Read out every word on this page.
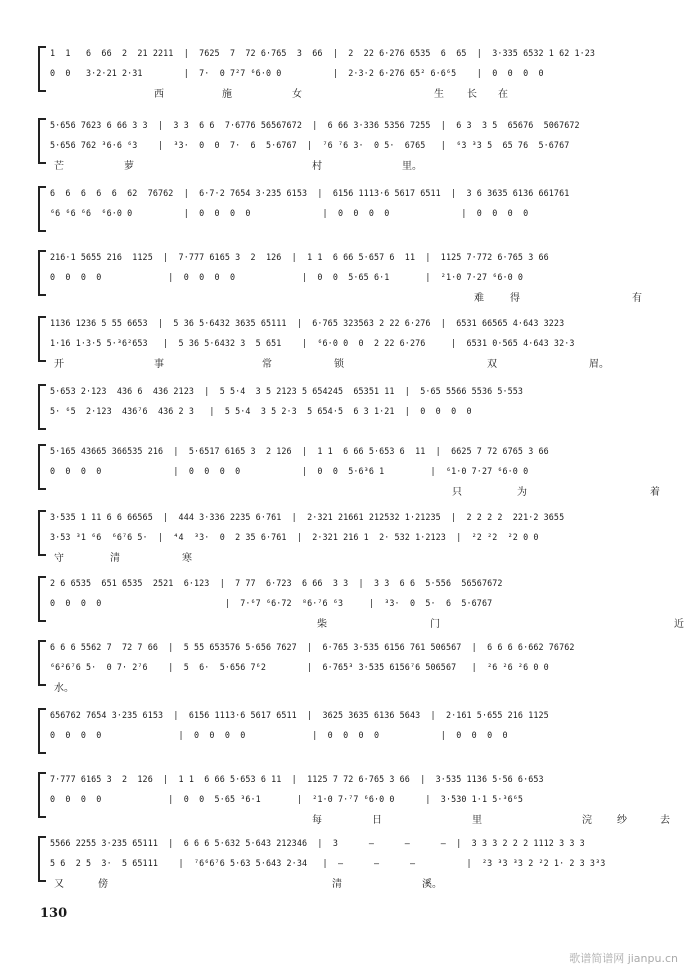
1  1   6  66  2  21 2211  |  7625  7  72 6·765  3  66  |  2  22 6·276 6535  6  65  |  3·335 6532 1 62 1·23
0  0   3·2·21 2·31        |  7·  0 7²7 ⁶6·0 0          |  2·3·2 6·276 65² 6·6⁶5    |  0  0  0  0
西	施	女	生 长 在
5·656 7623 6 66 3 3  |  3 3  6 6  7·6776 56567672  |  6 66 3·336 5356 7255  |  6 3  3 5  65676  5067672
5·656 762 ³6·6 ⁶3    |  ³3·  0  0  7·  6  5·6767  |  ⁷6 ⁷6 3·  0 5·  6765   |  ⁶3 ³3 5  65 76  5·6767
芒	萝	村	里。
6  6  6  6  6  62  76762  |  6·7·2 7654 3·235 6153  |  6156 1113·6 5617 6511  |  3 6 3635 6136 661761
⁶6 ⁶6 ⁶6  ⁶6·0 0          |  0  0  0  0              |  0  0  0  0              |  0  0  0  0
216·1 5655 216  1125  |  7·777 6165 3  2  126  |  1 1  6 66 5·657 6  11  |  1125 7·772 6·765 3 66
0  0  0  0             |  0  0  0  0             |  0  0  5·65 6·1       |  ²1·0 7·27 ⁶6·0 0
难	得	有
1136 1236 5 55 6653  |  5 36 5·6432 3635 65111  |  6·765 323563 2 22 6·276  |  6531 66565 4·643 3223
1·16 1·3·5 5·³6²653   |  5 36 5·6432 3  5 651    |  ⁶6·0 0  0  2 22 6·276     |  6531 0·565 4·643 32·3
开	事	常	锁	双	眉。
5·653 2·123  436 6  436 2123  |  5 5·4  3 5 2123 5 654245  65351 11  |  5·65 5566 5536 5·553
5· ⁶5  2·123  436⁷6  436 2 3   |  5 5·4  3 5 2·3  5 654·5  6 3 1·21  |  0  0  0  0
5·165 43665 366535 216  |  5·6517 6165 3  2 126  |  1 1  6 66 5·653 6  11  |  6625 7 72 6765 3 66
0  0  0  0              |  0  0  0  0            |  0  0  5·6³6 1         |  ⁶1·0 7·27 ⁶6·0 0
只	为	着
3·535 1 11 6 6 66565  |  444 3·336 2235 6·761  |  2·321 21661 212532 1·21235  |  2 2 2 2  221·2 3655
3·53 ³1 ⁶6  ⁶6⁷6 5·  |  ⁴4  ³3·  0  2 35 6·761  |  2·321 216 1  2· 532 1·2123  |  ²2 ²2  ²2 0 0
守	清	寒
2 6 6535  651 6535  2521  6·123  |  7 77  6·723  6 66  3 3  |  3 3  6 6  5·556  56567672
0  0  0  0                        |  7·⁶7 ⁶6·72  ⁸6·⁷6 ⁶3     |  ³3·  0  5·  6  5·6767
柴	门	近
6 6 6 5562 7  72 7 66  |  5 55 653576 5·656 7627  |  6·765 3·535 6156 761 506567  |  6 6 6 6·662 76762
⁶6²6⁷6 5·  0 7· 2⁷6    |  5  6·  5·656 7⁶2        |  6·765³ 3·535 6156⁷6 506567   |  ²6 ²6 ²6 0 0
水。
656762 7654 3·235 6153  |  6156 1113·6 5617 6511  |  3625 3635 6136 5643  |  2·161 5·655 216 1125
0  0  0  0               |  0  0  0  0             |  0  0  0  0            |  0  0  0  0
7·777 6165 3  2  126  |  1 1  6 66 5·653 6 11  |  1125 7 72 6·765 3 66  |  3·535 1136 5·56 6·653
0  0  0  0             |  0  0  5·65 ³6·1       |  ²1·0 7·⁷7 ⁶6·0 0      |  3·530 1·1 5·³6⁶5
每	日	里	浣	纱	去
5566 2255 3·235 65111  |  6 6 6 5·632 5·643 212346  |  3      —      —      —  |  3 3 3 2 2 2 1112 3 3 3
5 6  2 5  3·  5 65111    |  ⁷6⁶6⁷6 5·63 5·643 2·34   |  —      —      —          |  ²3 ³3 ³3 2 ²2 1· 2 3 3³3
又	傍	清	溪。
130
歌谱简谱网 jianpu.cn
